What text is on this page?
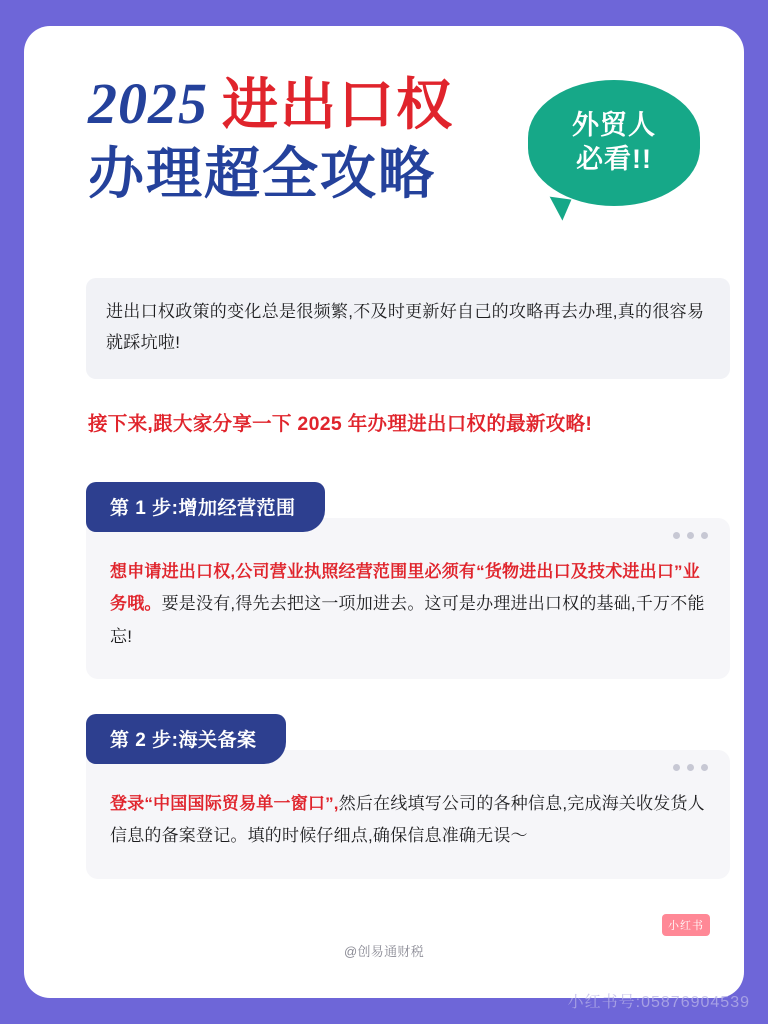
2025 进出口权
办理超全攻略
外贸人
必看!!
进出口权政策的变化总是很频繁,不及时更新好自己的攻略再去办理,真的很容易就踩坑啦!
接下来,跟大家分享一下 2025 年办理进出口权的最新攻略!
第 1 步:增加经营范围
想申请进出口权,公司营业执照经营范围里必须有“货物进出口及技术进出口”业务哦。要是没有,得先去把这一项加进去。这可是办理进出口权的基础,千万不能忘!
第 2 步:海关备案
登录“中国国际贸易单一窗口”,然后在线填写公司的各种信息,完成海关收发货人信息的备案登记。填的时候仔细点,确保信息准确无误～
@创易通财税
小红书
小红书号:05876904539
